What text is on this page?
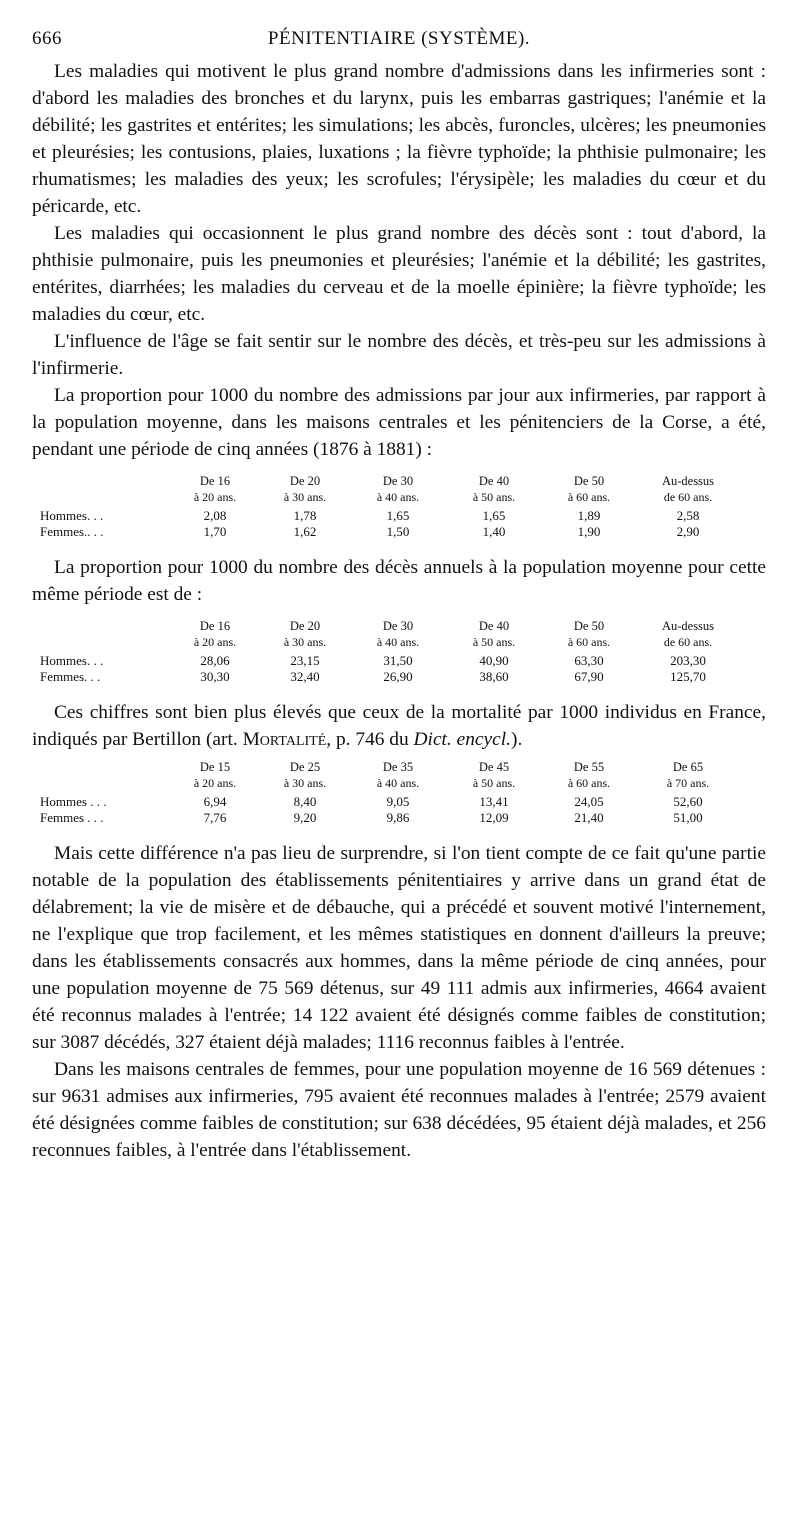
666	PÉNITENTIAIRE (SYSTÈME).

Les maladies qui motivent le plus grand nombre d'admissions dans les infirmeries sont : d'abord les maladies des bronches et du larynx, puis les embarras gastriques; l'anémie et la débilité; les gastrites et entérites; les simulations; les abcès, furoncles, ulcères; les pneumonies et pleurésies; les contusions, plaies, luxations ; la fièvre typhoïde; la phthisie pulmonaire; les rhumatismes; les maladies des yeux; les scrofules; l'érysipèle; les maladies du cœur et du péricarde, etc.

Les maladies qui occasionnent le plus grand nombre des décès sont : tout d'abord, la phthisie pulmonaire, puis les pneumonies et pleurésies; l'anémie et la débilité; les gastrites, entérites, diarrhées; les maladies du cerveau et de la moelle épinière; la fièvre typhoïde; les maladies du cœur, etc.

L'influence de l'âge se fait sentir sur le nombre des décès, et très-peu sur les admissions à l'infirmerie.

La proportion pour 1000 du nombre des admissions par jour aux infirmeries, par rapport à la population moyenne, dans les maisons centrales et les pénitenciers de la Corse, a été, pendant une période de cinq années (1876 à 1881) :

	De 16	De 20	De 30	De 40	De 50	Au-dessus
	à 20 ans.	à 30 ans.	à 40 ans.	à 50 ans.	à 60 ans.	de 60 ans.
Hommes. . .	2,08	1,78	1,65	1,65	1,89	2,58
Femmes.. . .	1,70	1,62	1,50	1,40	1,90	2,90

La proportion pour 1000 du nombre des décès annuels à la population moyenne pour cette même période est de :

	De 16	De 20	De 30	De 40	De 50	Au-dessus
	à 20 ans.	à 30 ans.	à 40 ans.	à 50 ans.	à 60 ans.	de 60 ans.
Hommes. . .	28,06	23,15	31,50	40,90	63,30	203,30
Femmes. . .	30,30	32,40	26,90	38,60	67,90	125,70

Ces chiffres sont bien plus élevés que ceux de la mortalité par 1000 individus en France, indiqués par Bertillon (art. Mortalité, p. 746 du Dict. encycl.).

	De 15	De 25	De 35	De 45	De 55	De 65
	à 20 ans.	à 30 ans.	à 40 ans.	à 50 ans.	à 60 ans.	à 70 ans.
Hommes . . .	6,94	8,40	9,05	13,41	24,05	52,60
Femmes . . .	7,76	9,20	9,86	12,09	21,40	51,00

Mais cette différence n'a pas lieu de surprendre, si l'on tient compte de ce fait qu'une partie notable de la population des établissements pénitentiaires y arrive dans un grand état de délabrement; la vie de misère et de débauche, qui a précédé et souvent motivé l'internement, ne l'explique que trop facilement, et les mêmes statistiques en donnent d'ailleurs la preuve; dans les établissements consacrés aux hommes, dans la même période de cinq années, pour une population moyenne de 75 569 détenus, sur 49 111 admis aux infirmeries, 4664 avaient été reconnus malades à l'entrée; 14 122 avaient été désignés comme faibles de constitution; sur 3087 décédés, 327 étaient déjà malades; 1116 reconnus faibles à l'entrée.

Dans les maisons centrales de femmes, pour une population moyenne de 16 569 détenues : sur 9631 admises aux infirmeries, 795 avaient été reconnues malades à l'entrée; 2579 avaient été désignées comme faibles de constitution; sur 638 décédées, 95 étaient déjà malades, et 256 reconnues faibles, à l'entrée dans l'établissement.
